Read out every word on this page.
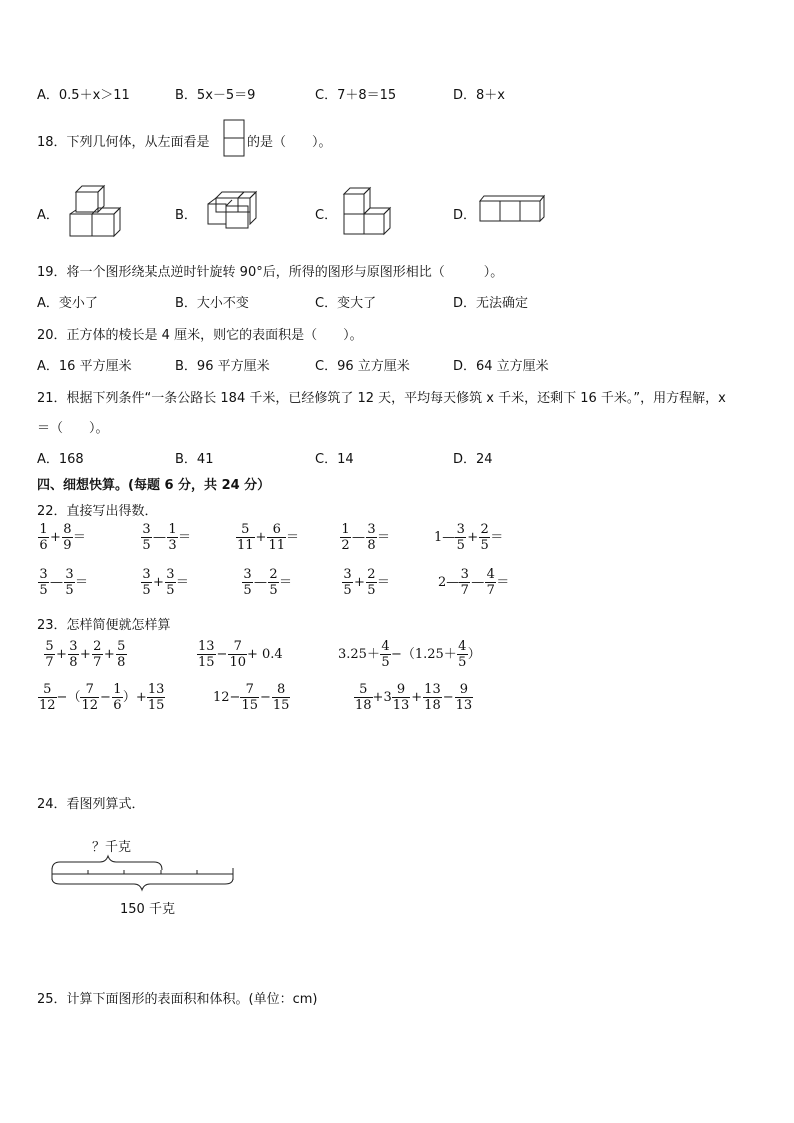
A．0.5＋x＞11	B．5x－5＝9	C．7＋8＝15	D．8＋x
18．下列几何体，从左面看是	的是（　　）。
A．	B．	C．	D．
19．将一个图形绕某点逆时针旋转 90°后，所得的图形与原图形相比（　　　）。
A．变小了	B．大小不变	C．变大了	D．无法确定
20．正方体的棱长是 4 厘米，则它的表面积是（　　）。
A．16 平方厘米	B．96 平方厘米	C．96 立方厘米	D．64 立方厘米
21．根据下列条件“一条公路长 184 千米，已经修筑了 12 天，平均每天修筑 x 千米，还剩下 16 千米。”，用方程解，x
＝（　　）。
A．168	B．41	C．14	D．24
四、细想快算。(每题 6 分，共 24 分）
22．直接写出得数．
$\frac{1}{6} + \frac{8}{9}$ ＝	$\frac{3}{5}$ — $\frac{1}{3}$ ＝	$\frac{5}{11} + \frac{6}{11}$ ＝	$\frac{1}{2}$ — $\frac{3}{8}$ ＝	1— $\frac{3}{5} + \frac{2}{5}$ ＝
$\frac{3}{5}$ — $\frac{3}{5}$ ＝	$\frac{3}{5} + \frac{3}{5}$ ＝	$\frac{3}{5}$ — $\frac{2}{5}$ ＝	$\frac{3}{5} + \frac{2}{5}$ ＝	2— $\frac{3}{7}$ — $\frac{4}{7}$ ＝
23．怎样简便就怎样算
$\frac{5}{7} + \frac{3}{8} + \frac{2}{7} + \frac{5}{8}$	$\frac{13}{15} - \frac{7}{10} + 0.4$	$3.25+ \frac{4}{5} -(1.25+ \frac{4}{5}$ ）
$\frac{5}{12}$ −（ $\frac{7}{12} - \frac{1}{6}$ ）+ $\frac{13}{15}$	$12- \frac{7}{15} - \frac{8}{15}$	$\frac{5}{18} +3 \frac{9}{13} + \frac{13}{18} - \frac{9}{13}$
24．看图列算式．
？千克
150 千克
25．计算下面图形的表面积和体积。(单位：cm)
